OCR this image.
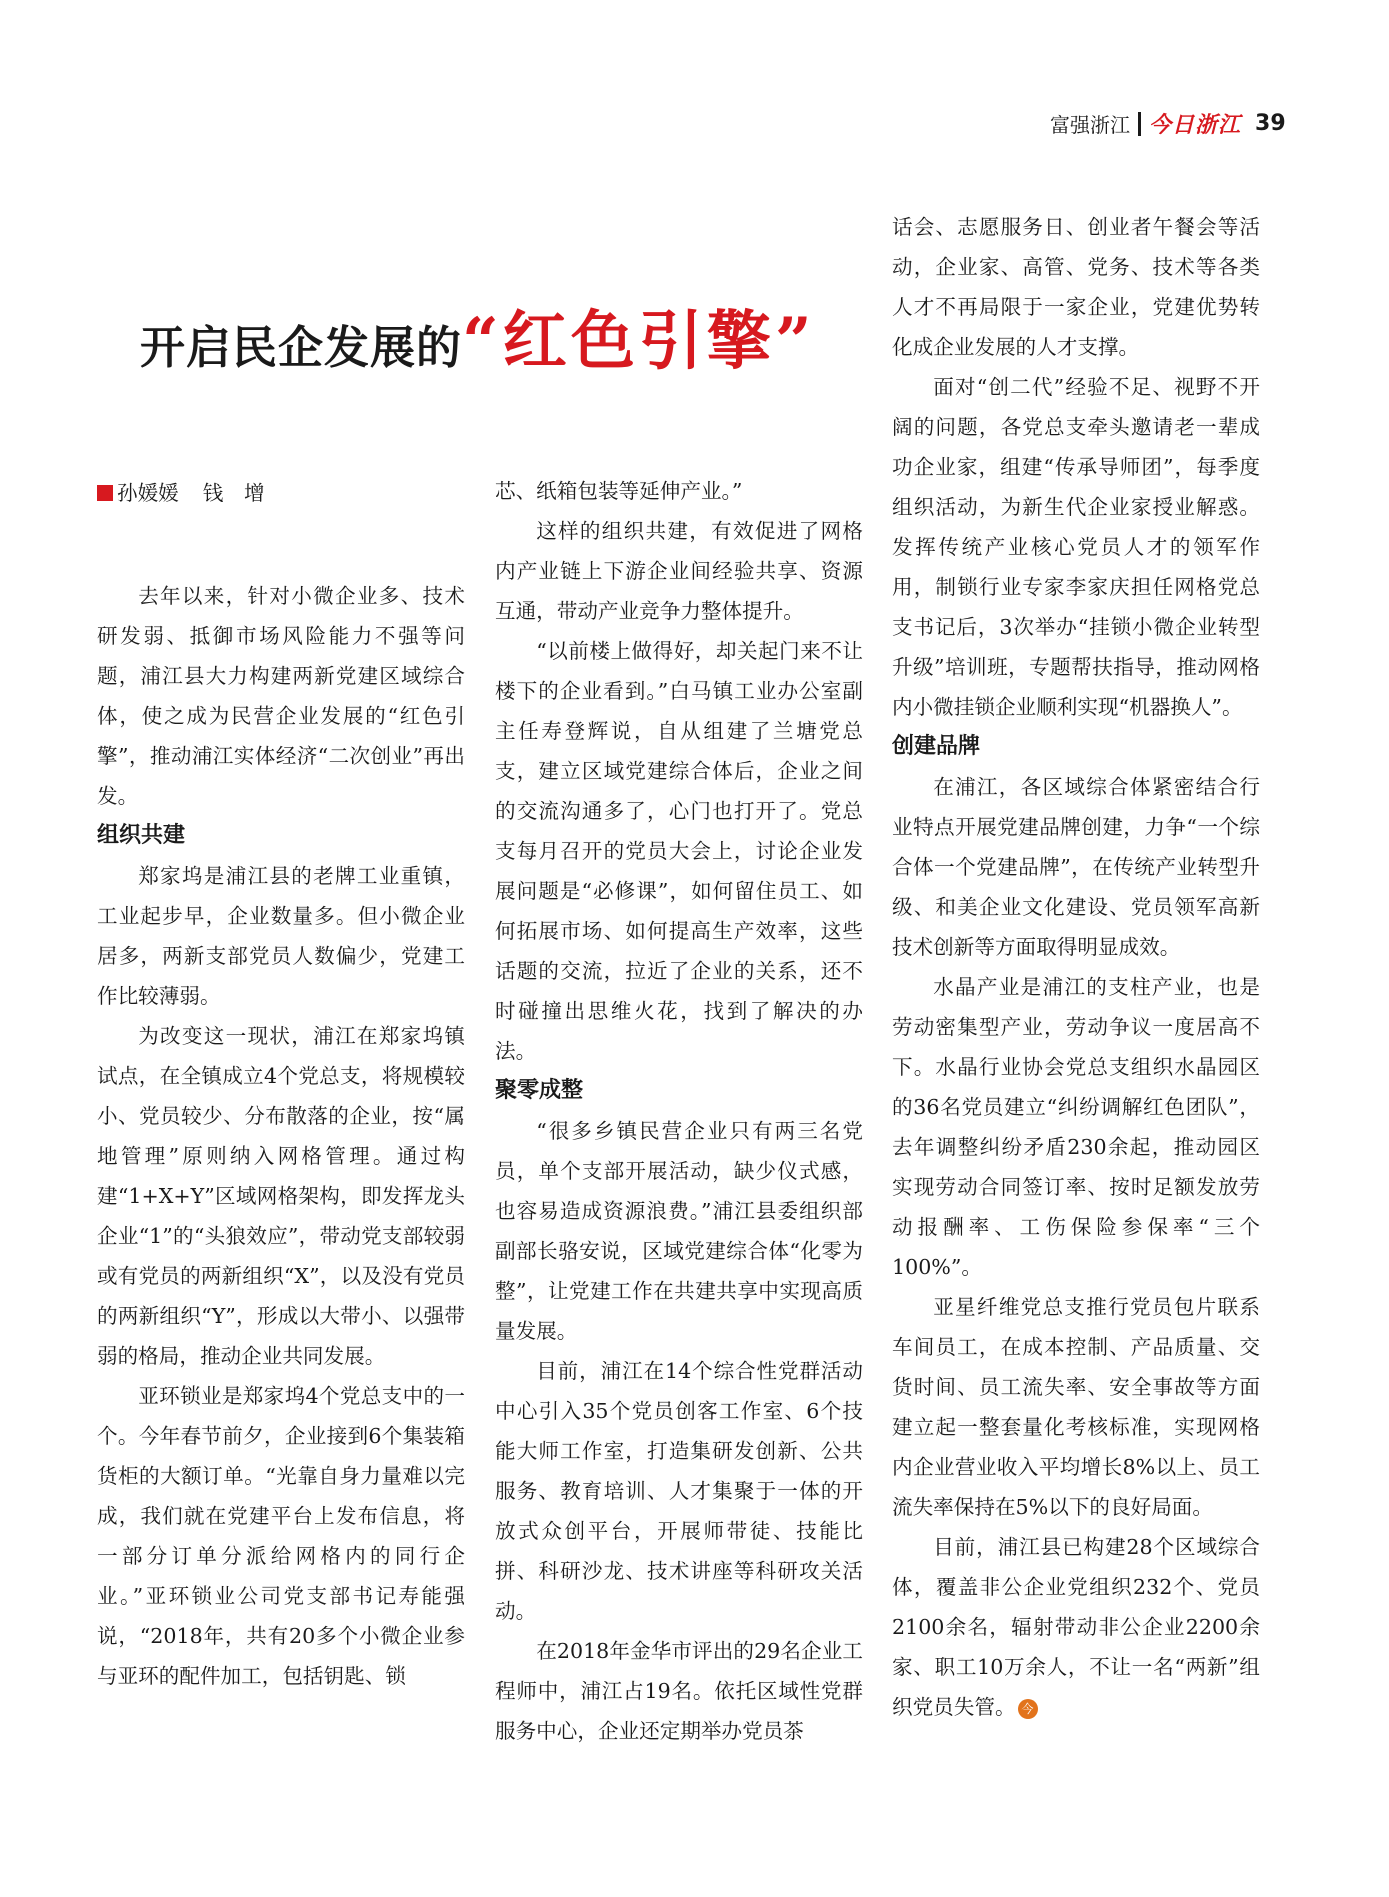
富强浙江 今日浙江 39
开启民企发展的“红色引擎”
孙媛媛 钱　增

去年以来，针对小微企业多、技术研发弱、抵御市场风险能力不强等问题，浦江县大力构建两新党建区域综合体，使之成为民营企业发展的“红色引擎”，推动浦江实体经济“二次创业”再出发。

组织共建

郑家坞是浦江县的老牌工业重镇，工业起步早，企业数量多。但小微企业居多，两新支部党员人数偏少，党建工作比较薄弱。

为改变这一现状，浦江在郑家坞镇试点，在全镇成立4个党总支，将规模较小、党员较少、分布散落的企业，按“属地管理”原则纳入网格管理。通过构建“1+X+Y”区域网格架构，即发挥龙头企业“1”的“头狼效应”，带动党支部较弱或有党员的两新组织“X”，以及没有党员的两新组织“Y”，形成以大带小、以强带弱的格局，推动企业共同发展。

亚环锁业是郑家坞4个党总支中的一个。今年春节前夕，企业接到6个集装箱货柜的大额订单。“光靠自身力量难以完成，我们就在党建平台上发布信息，将一部分订单分派给网格内的同行企业。”亚环锁业公司党支部书记寿能强说，“2018年，共有20多个小微企业参与亚环的配件加工，包括钥匙、锁

芯、纸箱包装等延伸产业。”

这样的组织共建，有效促进了网格内产业链上下游企业间经验共享、资源互通，带动产业竞争力整体提升。

“以前楼上做得好，却关起门来不让楼下的企业看到。”白马镇工业办公室副主任寿登辉说，自从组建了兰塘党总支，建立区域党建综合体后，企业之间的交流沟通多了，心门也打开了。党总支每月召开的党员大会上，讨论企业发展问题是“必修课”，如何留住员工、如何拓展市场、如何提高生产效率，这些话题的交流，拉近了企业的关系，还不时碰撞出思维火花，找到了解决的办法。

聚零成整

“很多乡镇民营企业只有两三名党员，单个支部开展活动，缺少仪式感，也容易造成资源浪费。”浦江县委组织部副部长骆安说，区域党建综合体“化零为整”，让党建工作在共建共享中实现高质量发展。

目前，浦江在14个综合性党群活动中心引入35个党员创客工作室、6个技能大师工作室，打造集研发创新、公共服务、教育培训、人才集聚于一体的开放式众创平台，开展师带徒、技能比拼、科研沙龙、技术讲座等科研攻关活动。

在2018年金华市评出的29名企业工程师中，浦江占19名。依托区域性党群服务中心，企业还定期举办党员茶

话会、志愿服务日、创业者午餐会等活动，企业家、高管、党务、技术等各类人才不再局限于一家企业，党建优势转化成企业发展的人才支撑。

面对“创二代”经验不足、视野不开阔的问题，各党总支牵头邀请老一辈成功企业家，组建“传承导师团”，每季度组织活动，为新生代企业家授业解惑。发挥传统产业核心党员人才的领军作用，制锁行业专家李家庆担任网格党总支书记后，3次举办“挂锁小微企业转型升级”培训班，专题帮扶指导，推动网格内小微挂锁企业顺利实现“机器换人”。

创建品牌

在浦江，各区域综合体紧密结合行业特点开展党建品牌创建，力争“一个综合体一个党建品牌”，在传统产业转型升级、和美企业文化建设、党员领军高新技术创新等方面取得明显成效。

水晶产业是浦江的支柱产业，也是劳动密集型产业，劳动争议一度居高不下。水晶行业协会党总支组织水晶园区的36名党员建立“纠纷调解红色团队”，去年调整纠纷矛盾230余起，推动园区实现劳动合同签订率、按时足额发放劳动报酬率、工伤保险参保率“三个100%”。

亚星纤维党总支推行党员包片联系车间员工，在成本控制、产品质量、交货时间、员工流失率、安全事故等方面建立起一整套量化考核标准，实现网格内企业营业收入平均增长8%以上、员工流失率保持在5%以下的良好局面。

目前，浦江县已构建28个区域综合体，覆盖非公企业党组织232个、党员2100余名，辐射带动非公企业2200余家、职工10万余人，不让一名“两新”组织党员失管。 今
